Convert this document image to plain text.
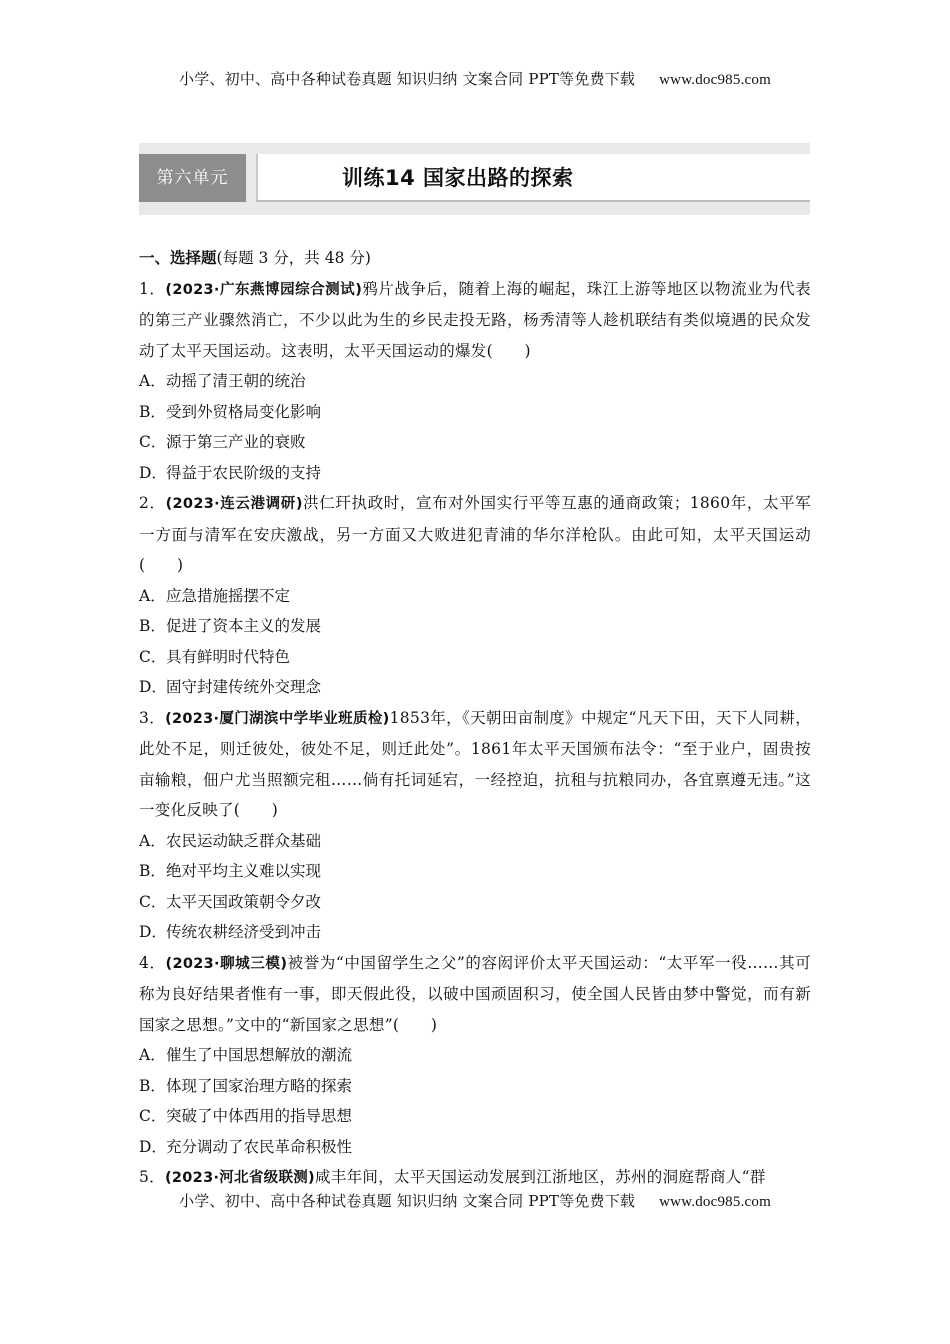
小学、初中、高中各种试卷真题 知识归纳 文案合同 PPT等免费下载 www.doc985.com
第六单元	训练14 国家出路的探索

一、选择题(每题 3 分，共 48 分)

1．(2023·广东燕博园综合测试)鸦片战争后，随着上海的崛起，珠江上游等地区以物流业为代表的第三产业骤然消亡，不少以此为生的乡民走投无路，杨秀清等人趁机联结有类似境遇的民众发动了太平天国运动。这表明，太平天国运动的爆发(　　)

A．动摇了清王朝的统治

B．受到外贸格局变化影响

C．源于第三产业的衰败

D．得益于农民阶级的支持

2．(2023·连云港调研)洪仁玕执政时，宣布对外国实行平等互惠的通商政策；1860年，太平军一方面与清军在安庆激战，另一方面又大败进犯青浦的华尔洋枪队。由此可知，太平天国运动(　　)

A．应急措施摇摆不定

B．促进了资本主义的发展

C．具有鲜明时代特色

D．固守封建传统外交理念

3．(2023·厦门湖滨中学毕业班质检)1853年，《天朝田亩制度》中规定“凡天下田，天下人同耕，此处不足，则迁彼处，彼处不足，则迁此处”。1861年太平天国颁布法令：“至于业户，固贵按亩输粮，佃户尤当照额完租……倘有托词延宕，一经控迫，抗租与抗粮同办，各宜禀遵无违。”这一变化反映了(　　)

A．农民运动缺乏群众基础

B．绝对平均主义难以实现

C．太平天国政策朝令夕改

D．传统农耕经济受到冲击

4．(2023·聊城三模)被誉为“中国留学生之父”的容闳评价太平天国运动：“太平军一役……其可称为良好结果者惟有一事，即天假此役，以破中国顽固积习，使全国人民皆由梦中警觉，而有新国家之思想。”文中的“新国家之思想”(　　)

A．催生了中国思想解放的潮流

B．体现了国家治理方略的探索

C．突破了中体西用的指导思想

D．充分调动了农民革命积极性

5．(2023·河北省级联测)咸丰年间，太平天国运动发展到江浙地区，苏州的洞庭帮商人“群

小学、初中、高中各种试卷真题 知识归纳 文案合同 PPT等免费下载 www.doc985.com
